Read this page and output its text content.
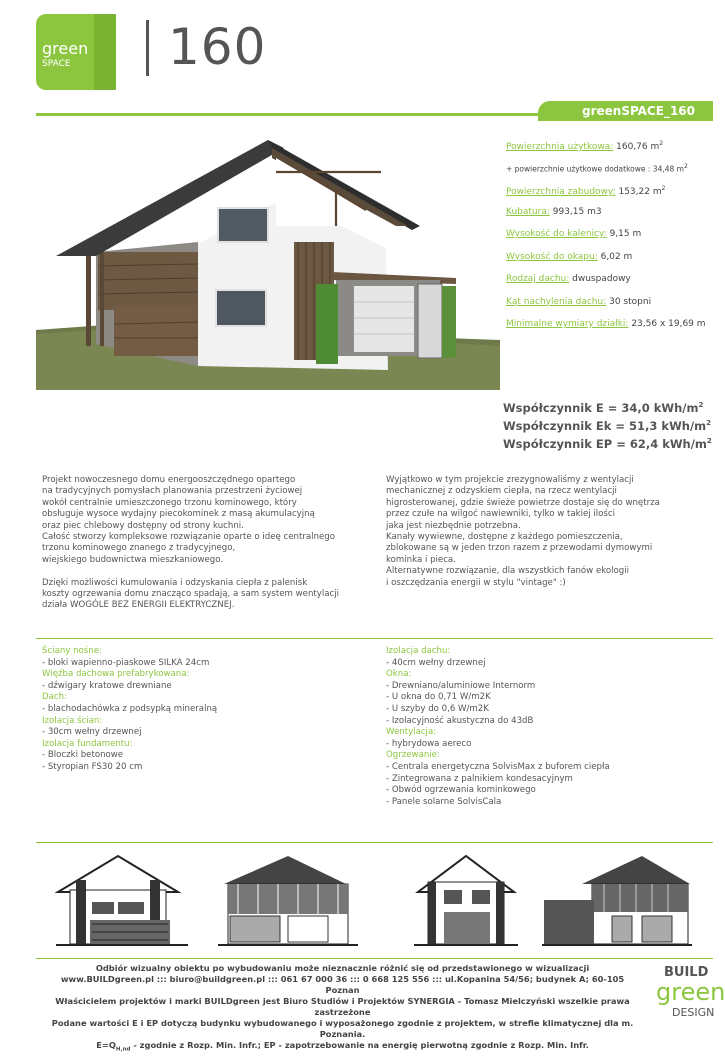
green
SPACE 160
greenSPACE_160
Powierzchnia użytkowa: 160,76 $m^2$
+ powierzchnie użytkowe dodatkowe : 34,48 $m^2$
Powierzchnia zabudowy: 153,22 $m^2$
Kubatura: 993,15 m3
Wysokość do kalenicy: 9,15 m
Wysokość do okapu: 6,02 m
Rodzaj dachu: dwuspadowy
Kąt nachylenia dachu: 30 stopni
Minimalne wymiary działki: 23,56 x 19,69 m
Współczynnik E = 34,0 kWh/$m^2$
Współczynnik Ek = 51,3 kWh/$m^2$
Współczynnik EP = 62,4 kWh/$m^2$
Projekt nowoczesnego domu energooszczędnego opartego
na tradycyjnych pomysłach planowania przestrzeni życiowej
wokół centralnie umieszczonego trzonu kominowego, który
obsługuje wysoce wydajny piecokominek z masą akumulacyjną
oraz piec chlebowy dostępny od strony kuchni.
Całość stworzy kompleksowe rozwiązanie oparte o ideę centralnego
trzonu kominowego znanego z tradycyjnego,
wiejskiego budownictwa mieszkaniowego.

Dzięki możliwości kumulowania i odzyskania ciepła z palenisk
koszty ogrzewania domu znacząco spadają, a sam system wentylacji
działa WOGÓLE BEZ ENERGII ELEKTRYCZNEJ.
Wyjątkowo w tym projekcie zrezygnowaliśmy z wentylacji
mechanicznej z odzyskiem ciepła, na rzecz wentylacji
higrosterowanej, gdzie świeże powietrze dostaje się do wnętrza
przez czułe na wilgoć nawiewniki, tylko w takiej ilości
jaka jest niezbędnie potrzebna.
Kanały wywiewne, dostępne z każdego pomieszczenia,
zblokowane są w jeden trzon razem z przewodami dymowymi
kominka i pieca.
Alternatywne rozwiązanie, dla wszystkich fanów ekologii
i oszczędzania energii w stylu "vintage" :)
Ściany nośne:
- bloki wapienno-piaskowe SILKA 24cm
Więźba dachowa prefabrykowana:
- dźwigary kratowe drewniane
Dach:
- blachodachówka z podsypką mineralną
Izolacja ścian:
- 30cm wełny drzewnej
Izolacja fundamentu:
- Bloczki betonowe
- Styropian FS30 20 cm
Izolacja dachu:
- 40cm wełny drzewnej
Okna:
- Drewniano/aluminiowe Internorm
- U okna do 0,71 W/m2K
- U szyby do 0,6 W/m2K
- Izolacyjność akustyczna do 43dB
Wentylacja:
- hybrydowa aereco
Ogrzewanie:
- Centrala energetyczna SolvisMax z buforem ciepła
- Zintegrowana z palnikiem kondesacyjnym
- Obwód ogrzewania kominkowego
- Panele solarne SolvisCala
Odbiór wizualny obiektu po wybudowaniu może nieznacznie różnić się od przedstawionego w wizualizacji
www.BUILDgreen.pl ::: biuro@buildgreen.pl ::: 061 67 000 36 ::: 0 668 125 556 ::: ul.Kopanina 54/56; budynek A; 60-105 Poznan
Właścicielem projektów i marki BUILDgreen jest Biuro Studiów i Projektów SYNERGIA - Tomasz Mielczyński wszelkie prawa zastrzeżone
Podane wartości E i EP dotyczą budynku wybudowanego i wyposażonego zgodnie z projektem, w strefie klimatycznej dla m. Poznania.
$E=Q_{H,nd}$ - zgodnie z Rozp. Min. Infr.; EP - zapotrzebowanie na energię pierwotną zgodnie z Rozp. Min. Infr.
BUILD
green
DESIGN
